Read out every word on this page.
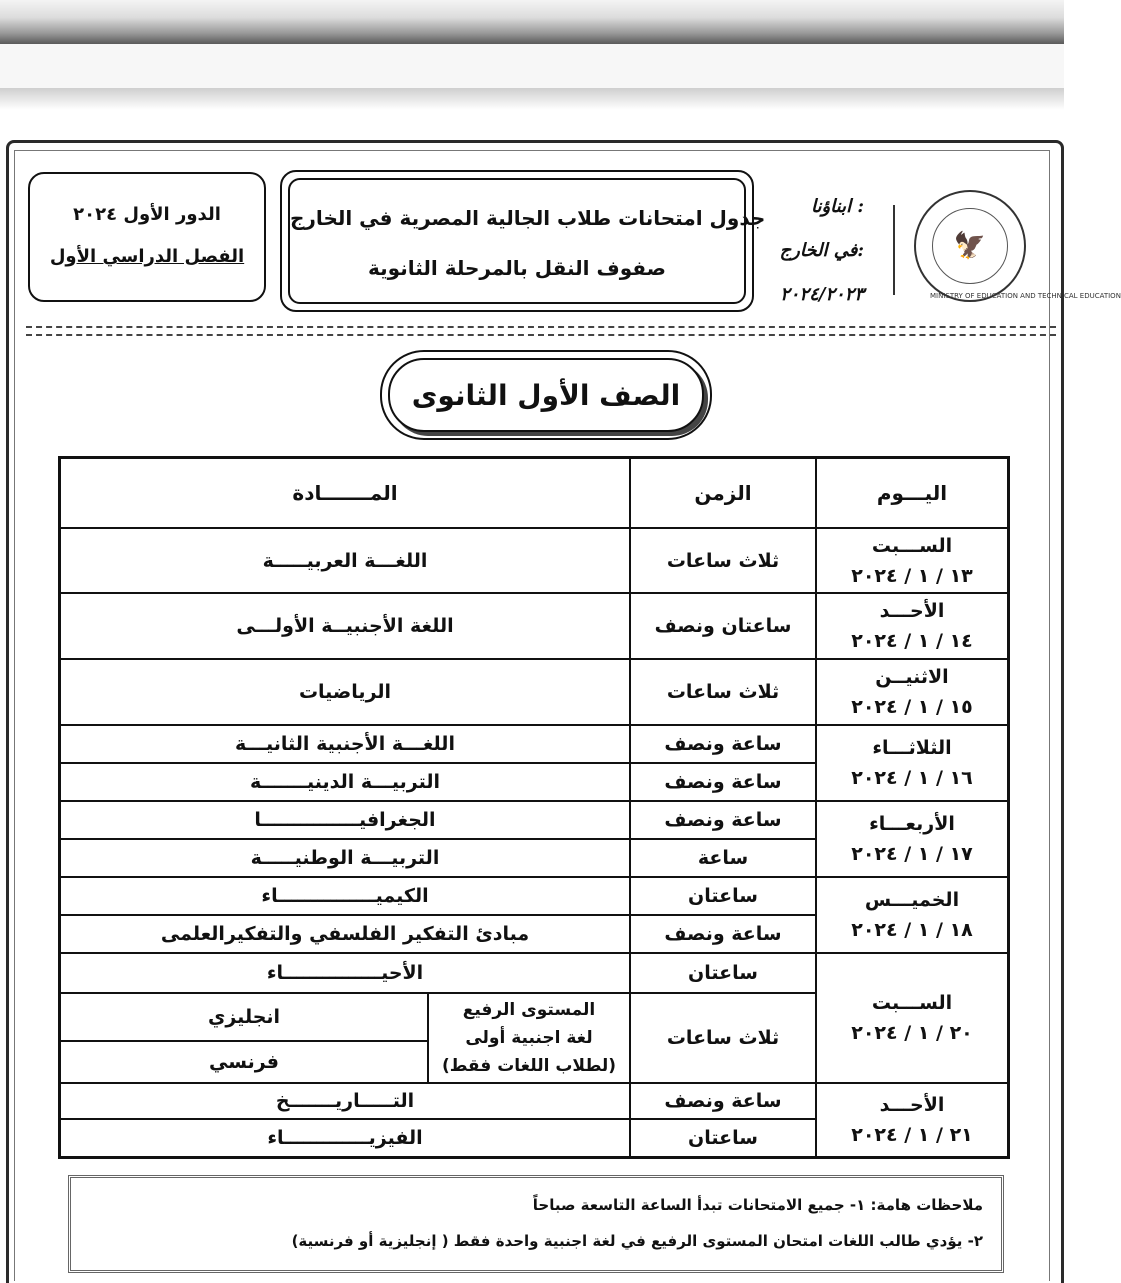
🦅
MINISTRY OF EDUCATION AND TECHNICAL EDUCATION
ابناؤنا :
في الخارج:
٢٠٢٤/٢٠٢٣
جدول امتحانات طلاب الجالية المصرية في الخارج
صفوف النقل بالمرحلة الثانوية
الدور الأول ٢٠٢٤
الفصل الدراسي الأول
الصف الأول الثانوى
اليـــوم	الزمن	المـــــــادة	

الســـبت
١٣ / ١ / ٢٠٢٤	ثلاث ساعات	اللغـــة العربيـــــة	

الأحـــد
١٤ / ١ / ٢٠٢٤	ساعتان ونصف	اللغة الأجنبيــة الأولـــى	

الاثنيــن
١٥ / ١ / ٢٠٢٤	ثلاث ساعات	الرياضيات	

الثلاثـــاء
١٦ / ١ / ٢٠٢٤	ساعة ونصف	اللغـــة الأجنبية الثانيـــة	
	ساعة ونصف	التربيـــة الدينيـــــــة	

الأربعـــاء
١٧ / ١ / ٢٠٢٤	ساعة ونصف	الجغرافيـــــــــــــــا	
	ساعة	التربيـــة الوطنيـــــة	

الخميـــس
١٨ / ١ / ٢٠٢٤	ساعتان	الكيميـــــــــــــــاء	
	ساعة ونصف	مبادئ التفكير الفلسفي والتفكيرالعلمى	

الســـبت
٢٠ / ١ / ٢٠٢٤	ساعتان	الأحيـــــــــــــــاء	
	ثلاث ساعات	المستوى الرفيع
لغة اجنبية أولى
(لطلاب اللغات فقط)	انجليزي
			فرنسي

الأحـــد
٢١ / ١ / ٢٠٢٤	ساعة ونصف	التـــــاريـــــــخ	
	ساعتان	الفيزيـــــــــــــاء	
ملاحظات هامة: ١- جميع الامتحانات تبدأ الساعة التاسعة صباحاً
٢- يؤدي طالب اللغات امتحان المستوى الرفيع في لغة اجنبية واحدة فقط ( إنجليزية أو فرنسية)
